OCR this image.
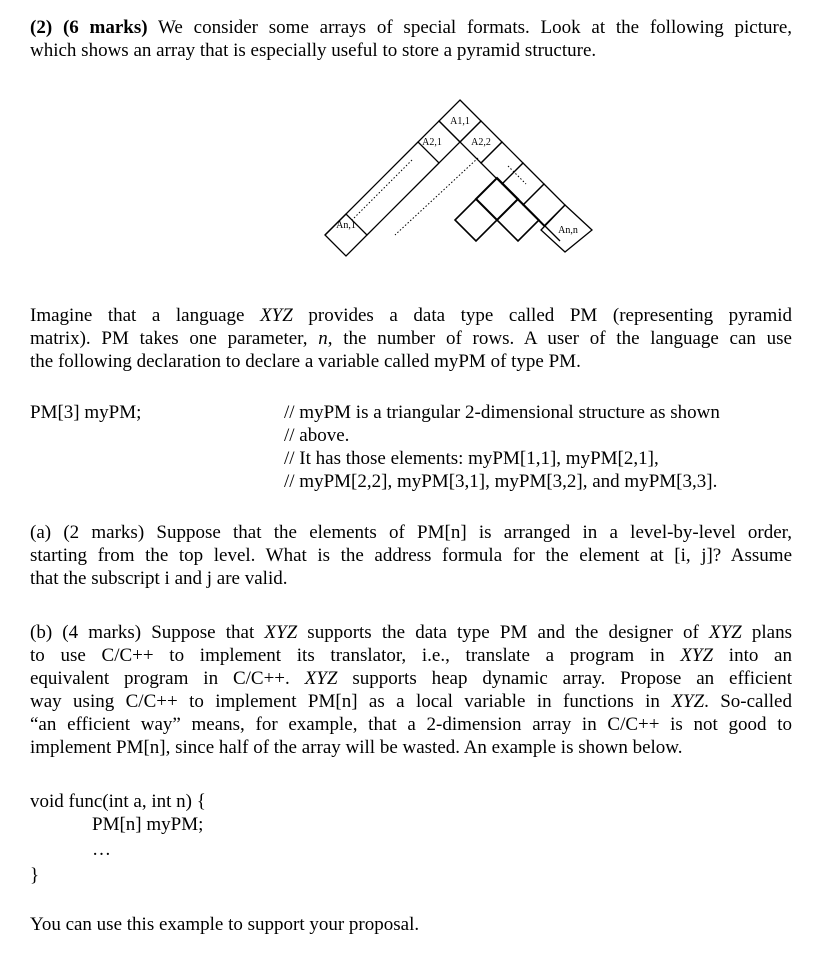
(2) (6 marks) We consider some arrays of special formats. Look at the following picture,
which shows an array that is especially useful to store a pyramid structure.
A1,1
A2,1	A2,2
An,1	An,n
Imagine that a language XYZ provides a data type called PM (representing pyramid
matrix). PM takes one parameter, n, the number of rows. A user of the language can use
the following declaration to declare a variable called myPM of type PM.
PM[3] myPM;	// myPM is a triangular 2-dimensional structure as shown
// above.
// It has those elements: myPM[1,1], myPM[2,1],
// myPM[2,2], myPM[3,1], myPM[3,2], and myPM[3,3].
(a) (2 marks) Suppose that the elements of PM[n] is arranged in a level-by-level order,
starting from the top level. What is the address formula for the element at [i, j]? Assume
that the subscript i and j are valid.
(b) (4 marks) Suppose that XYZ supports the data type PM and the designer of XYZ plans
to use C/C++ to implement its translator, i.e., translate a program in XYZ into an
equivalent program in C/C++. XYZ supports heap dynamic array. Propose an efficient
way using C/C++ to implement PM[n] as a local variable in functions in XYZ. So-called
“an efficient way” means, for example, that a 2-dimension array in C/C++ is not good to
implement PM[n], since half of the array will be wasted. An example is shown below.
void func(int a, int n) {
PM[n] myPM;
…
}
You can use this example to support your proposal.
